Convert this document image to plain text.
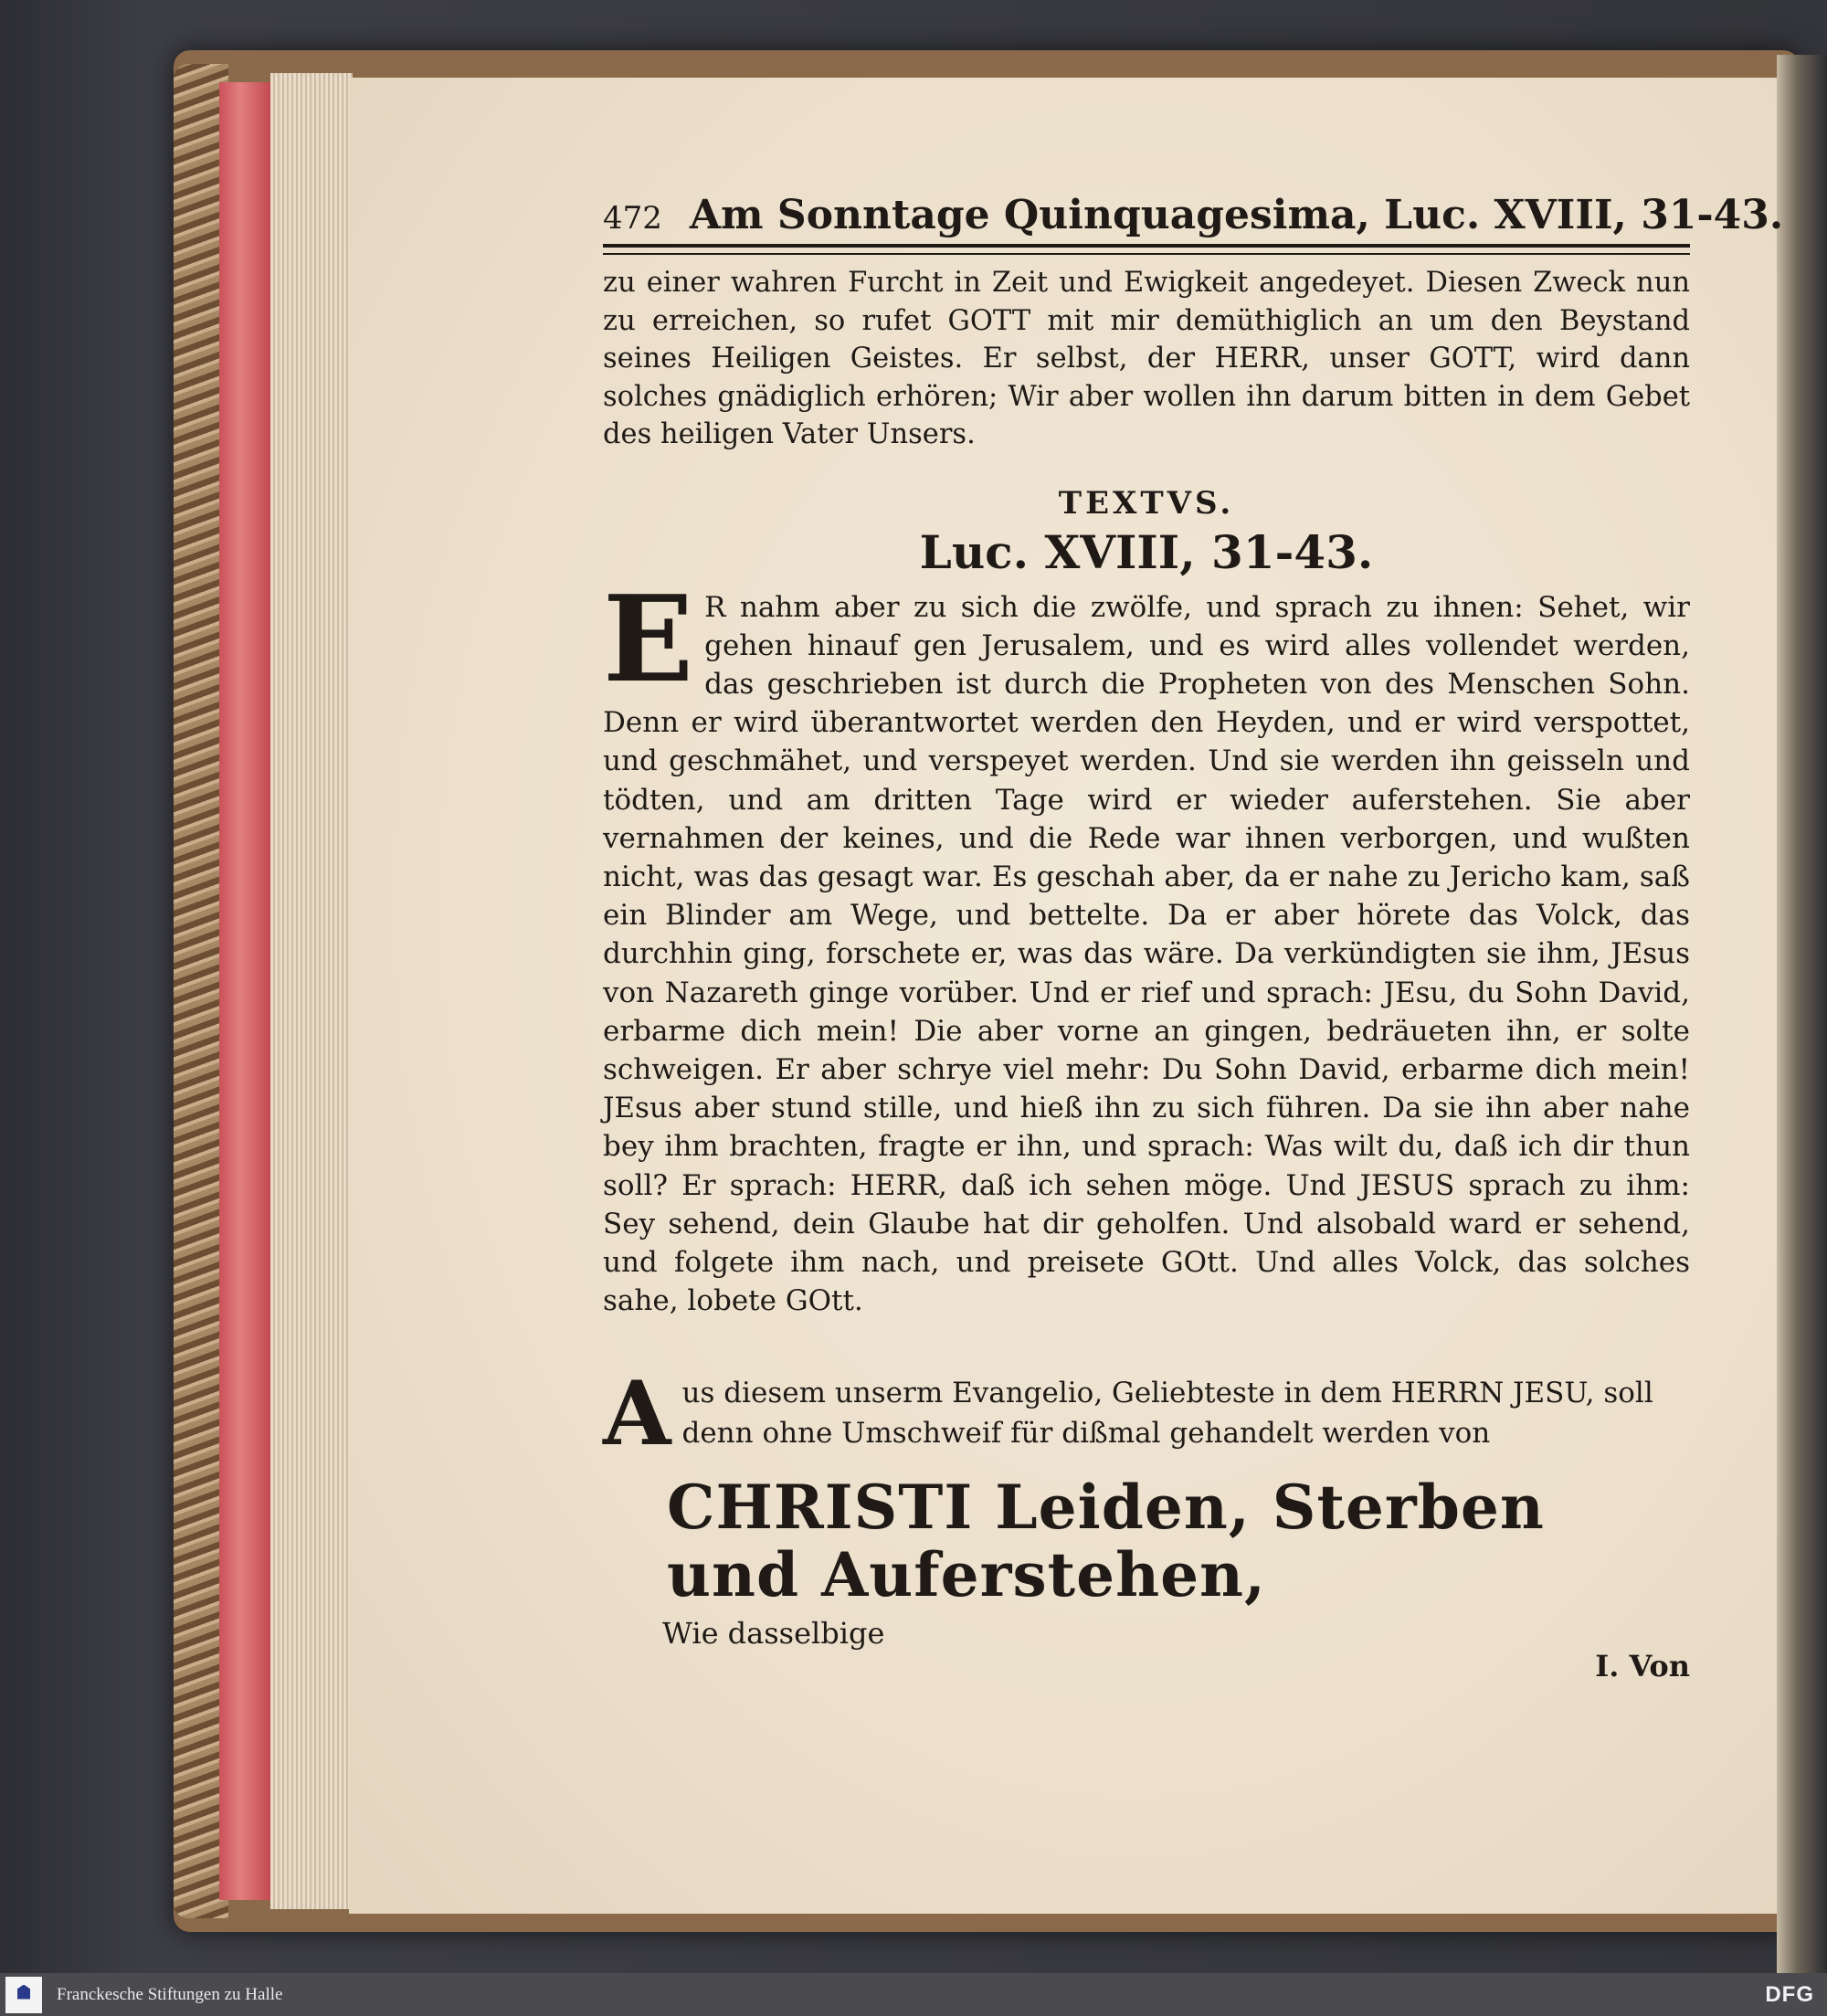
472 Am Sonntage Quinquagesima, Luc. XVIII, 31-43.

zu einer wahren Furcht in Zeit und Ewigkeit angedeyet. Diesen Zweck nun zu erreichen, so rufet GOTT mit mir demüthiglich an um den Beystand seines Heiligen Geistes. Er selbst, der HERR, unser GOTT, wird dann solches gnädiglich erhören; Wir aber wollen ihn darum bitten in dem Gebet des heiligen Vater Unsers.

TEXTVS.
Luc. XVIII, 31-43.
E R nahm aber zu sich die zwölfe, und sprach zu ihnen: Sehet, wir gehen hinauf gen Jerusalem, und es wird alles vollendet werden, das geschrieben ist durch die Propheten von des Menschen Sohn. Denn er wird überantwortet werden den Heyden, und er wird verspottet, und geschmähet, und verspeyet werden. Und sie werden ihn geisseln und tödten, und am dritten Tage wird er wieder auferstehen. Sie aber vernahmen der keines, und die Rede war ihnen verborgen, und wußten nicht, was das gesagt war. Es geschah aber, da er nahe zu Jericho kam, saß ein Blinder am Wege, und bettelte. Da er aber hörete das Volck, das durchhin ging, forschete er, was das wäre. Da verkündigten sie ihm, JEsus von Nazareth ginge vorüber. Und er rief und sprach: JEsu, du Sohn David, erbarme dich mein! Die aber vorne an gingen, bedräueten ihn, er solte schweigen. Er aber schrye viel mehr: Du Sohn David, erbarme dich mein! JEsus aber stund stille, und hieß ihn zu sich führen. Da sie ihn aber nahe bey ihm brachten, fragte er ihn, und sprach: Was wilt du, daß ich dir thun soll? Er sprach: HERR, daß ich sehen möge. Und JESUS sprach zu ihm: Sey sehend, dein Glaube hat dir geholfen. Und alsobald ward er sehend, und folgete ihm nach, und preisete GOtt. Und alles Volck, das solches sahe, lobete GOtt.
A us diesem unserm Evangelio, Geliebteste in dem HERRN JESU, soll denn ohne Umschweif für dißmal gehandelt werden von
CHRISTI Leiden, Sterben und Auferstehen,
Wie dasselbige
I. Von
Franckesche Stiftungen zu Halle	DFG
